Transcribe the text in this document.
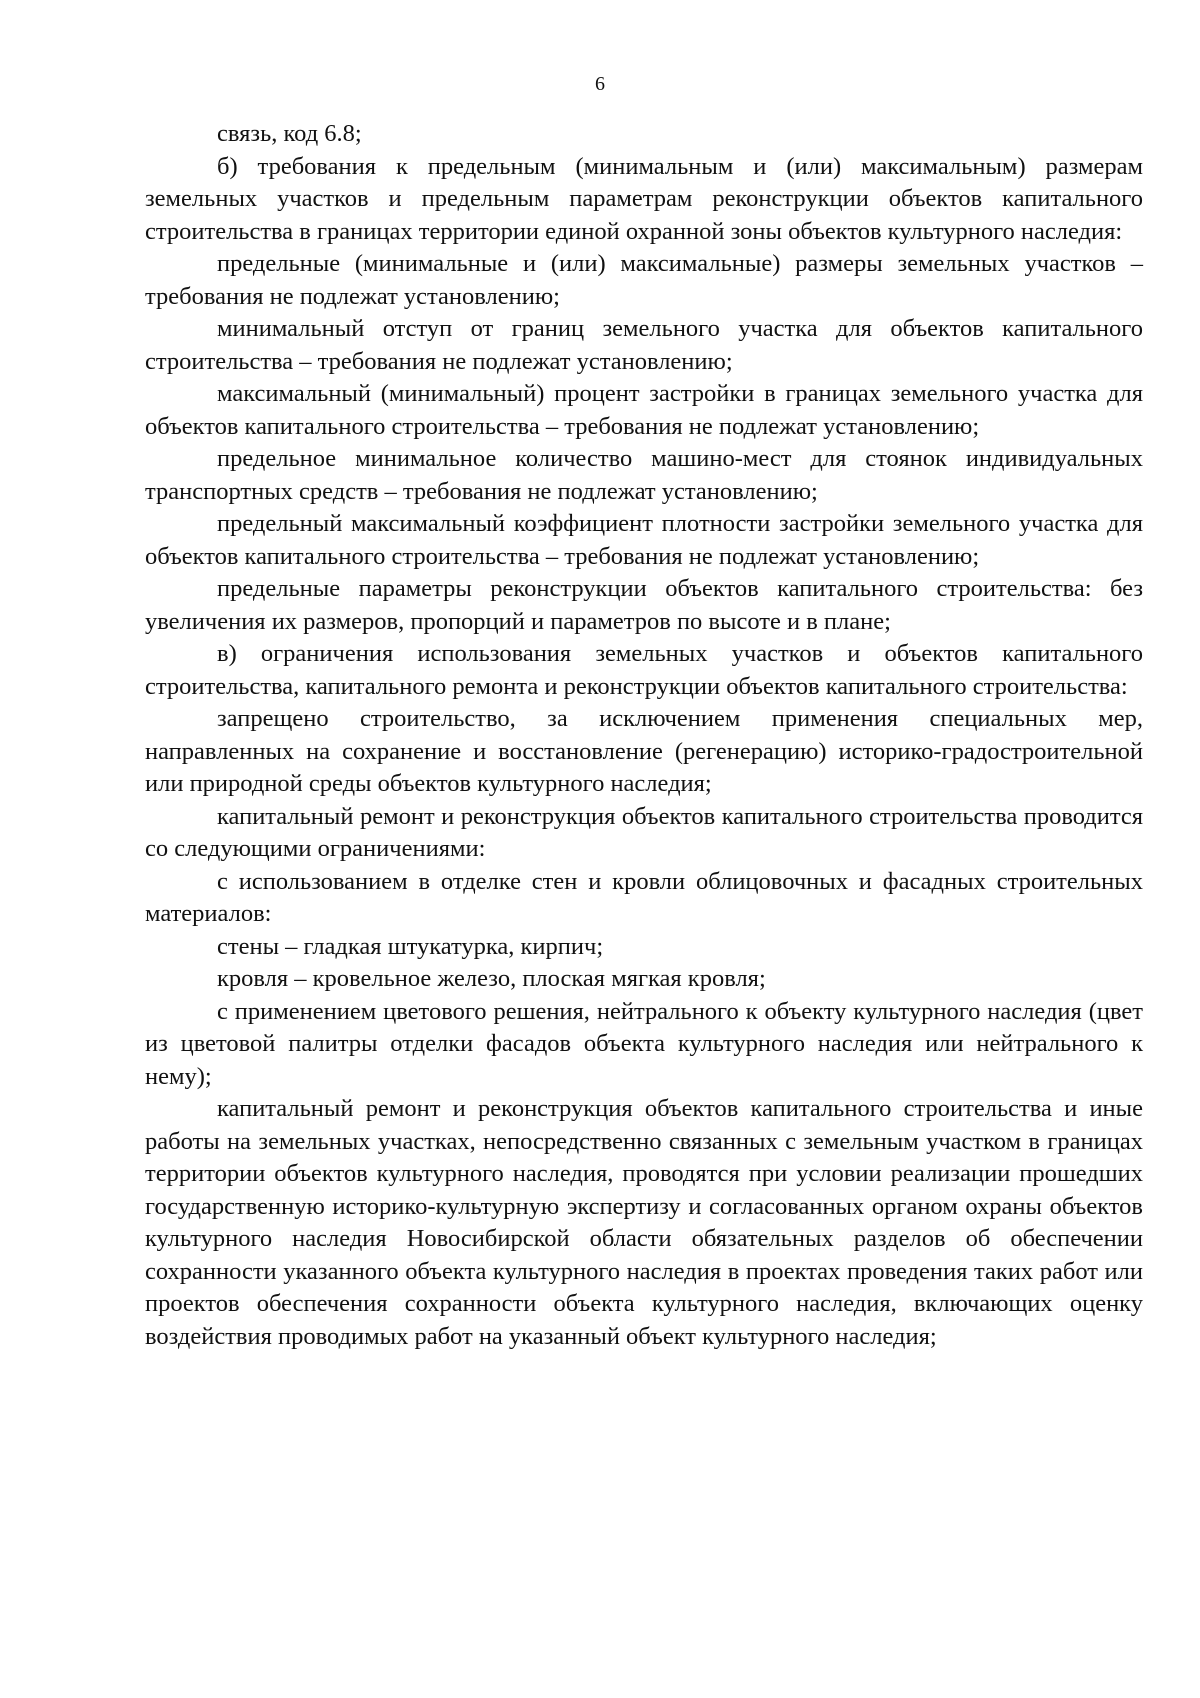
6

связь, код 6.8;

б) требования к предельным (минимальным и (или) максимальным) размерам земельных участков и предельным параметрам реконструкции объектов капитального строительства в границах территории единой охранной зоны объектов культурного наследия:

предельные (минимальные и (или) максимальные) размеры земельных участков – требования не подлежат установлению;

минимальный отступ от границ земельного участка для объектов капитального строительства – требования не подлежат установлению;

максимальный (минимальный) процент застройки в границах земельного участка для объектов капитального строительства – требования не подлежат установлению;

предельное минимальное количество машино-мест для стоянок индивидуальных транспортных средств – требования не подлежат установлению;

предельный максимальный коэффициент плотности застройки земельного участка для объектов капитального строительства – требования не подлежат установлению;

предельные параметры реконструкции объектов капитального строительства: без увеличения их размеров, пропорций и параметров по высоте и в плане;

в) ограничения использования земельных участков и объектов капитального строительства, капитального ремонта и реконструкции объектов капитального строительства:

запрещено строительство, за исключением применения специальных мер, направленных на сохранение и восстановление (регенерацию) историко-градостроительной или природной среды объектов культурного наследия;

капитальный ремонт и реконструкция объектов капитального строительства проводится со следующими ограничениями:

с использованием в отделке стен и кровли облицовочных и фасадных строительных материалов:

стены – гладкая штукатурка, кирпич;

кровля – кровельное железо, плоская мягкая кровля;

с применением цветового решения, нейтрального к объекту культурного наследия (цвет из цветовой палитры отделки фасадов объекта культурного наследия или нейтрального к нему);

капитальный ремонт и реконструкция объектов капитального строительства и иные работы на земельных участках, непосредственно связанных с земельным участком в границах территории объектов культурного наследия, проводятся при условии реализации прошедших государственную историко-культурную экспертизу и согласованных органом охраны объектов культурного наследия Новосибирской области обязательных разделов об обеспечении сохранности указанного объекта культурного наследия в проектах проведения таких работ или проектов обеспечения сохранности объекта культурного наследия, включающих оценку воздействия проводимых работ на указанный объект культурного наследия;
